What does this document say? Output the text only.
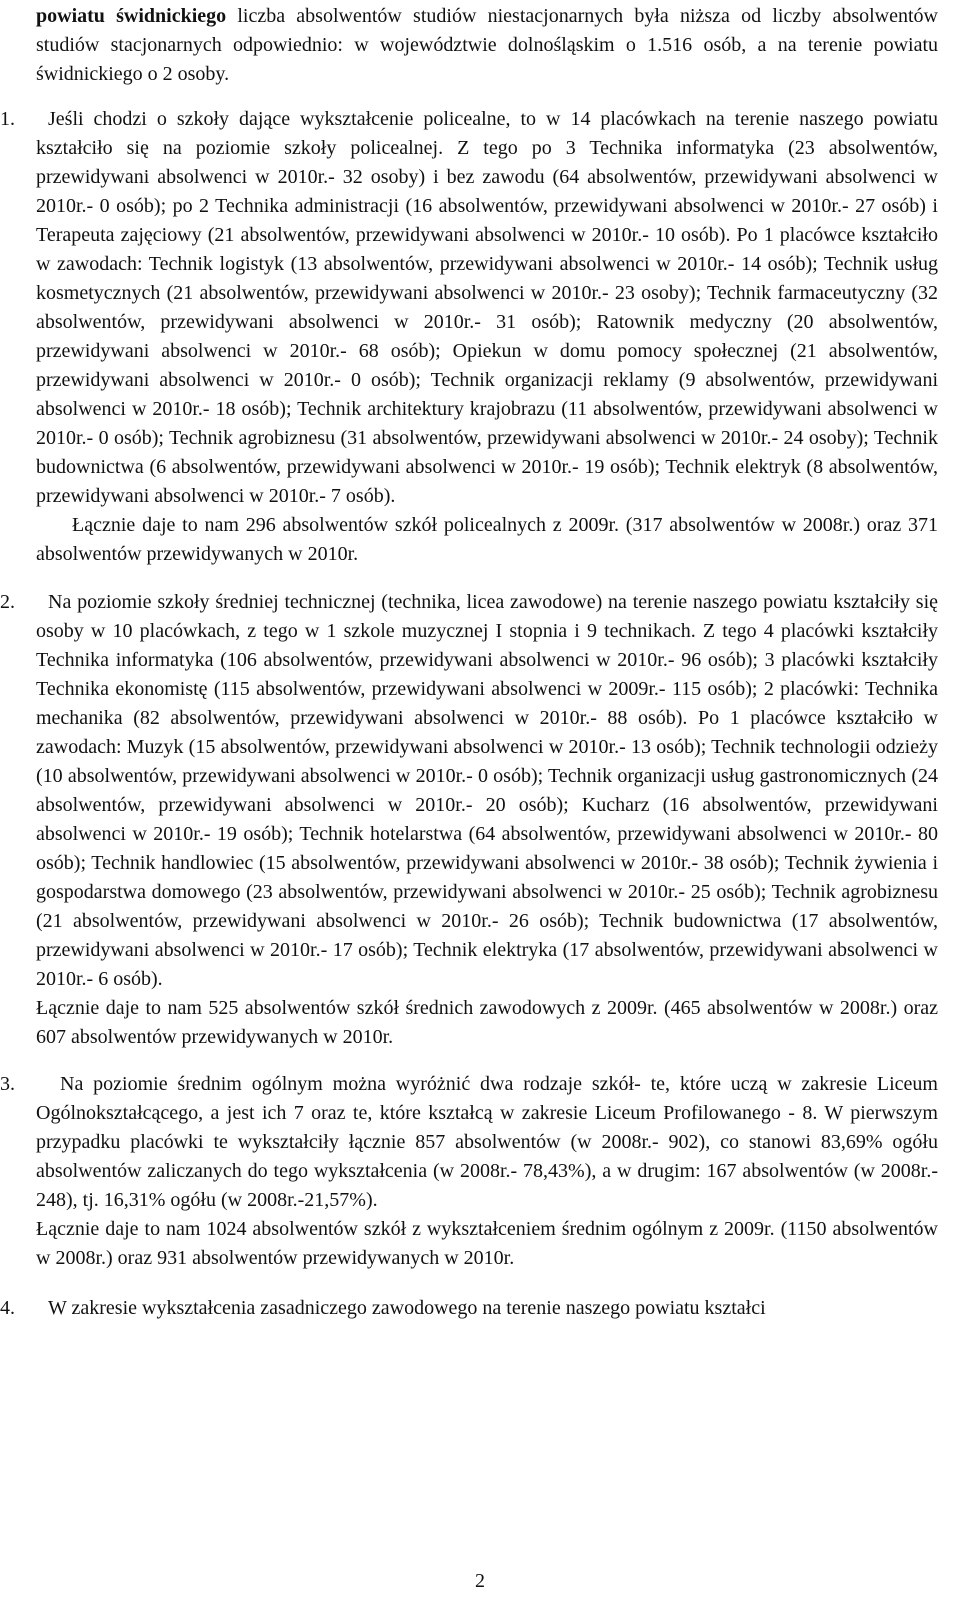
powiatu świdnickiego liczba absolwentów studiów niestacjonarnych była niższa od liczby absolwentów studiów stacjonarnych odpowiednio: w województwie dolnośląskim o 1.516 osób, a na terenie powiatu świdnickiego o 2 osoby.

1. Jeśli chodzi o szkoły dające wykształcenie policealne, to w 14 placówkach na terenie naszego powiatu kształciło się na poziomie szkoły policealnej. Z tego po 3 Technika informatyka (23 absolwentów, przewidywani absolwenci w 2010r.- 32 osoby) i bez zawodu (64 absolwentów, przewidywani absolwenci w 2010r.- 0 osób); po 2 Technika administracji (16 absolwentów, przewidywani absolwenci w 2010r.- 27 osób) i Terapeuta zajęciowy (21 absolwentów, przewidywani absolwenci w 2010r.- 10 osób). Po 1 placówce kształciło w zawodach: Technik logistyk (13 absolwentów, przewidywani absolwenci w 2010r.- 14 osób); Technik usług kosmetycznych (21 absolwentów, przewidywani absolwenci w 2010r.- 23 osoby); Technik farmaceutyczny (32 absolwentów, przewidywani absolwenci w 2010r.- 31 osób); Ratownik medyczny (20 absolwentów, przewidywani absolwenci w 2010r.- 68 osób); Opiekun w domu pomocy społecznej (21 absolwentów, przewidywani absolwenci w 2010r.- 0 osób); Technik organizacji reklamy (9 absolwentów, przewidywani absolwenci w 2010r.- 18 osób); Technik architektury krajobrazu (11 absolwentów, przewidywani absolwenci w 2010r.- 0 osób); Technik agrobiznesu (31 absolwentów, przewidywani absolwenci w 2010r.- 24 osoby); Technik budownictwa (6 absolwentów, przewidywani absolwenci w 2010r.- 19 osób); Technik elektryk (8 absolwentów, przewidywani absolwenci w 2010r.- 7 osób).

Łącznie daje to nam 296 absolwentów szkół policealnych z 2009r. (317 absolwentów w 2008r.) oraz 371 absolwentów przewidywanych w 2010r.

2. Na poziomie szkoły średniej technicznej (technika, licea zawodowe) na terenie naszego powiatu kształciły się osoby w 10 placówkach, z tego w 1 szkole muzycznej I stopnia i 9 technikach. Z tego 4 placówki kształciły Technika informatyka (106 absolwentów, przewidywani absolwenci w 2010r.- 96 osób); 3 placówki kształciły Technika ekonomistę (115 absolwentów, przewidywani absolwenci w 2009r.- 115 osób); 2 placówki: Technika mechanika (82 absolwentów, przewidywani absolwenci w 2010r.- 88 osób). Po 1 placówce kształciło w zawodach: Muzyk (15 absolwentów, przewidywani absolwenci w 2010r.- 13 osób); Technik technologii odzieży (10 absolwentów, przewidywani absolwenci w 2010r.- 0 osób); Technik organizacji usług gastronomicznych (24 absolwentów, przewidywani absolwenci w 2010r.- 20 osób); Kucharz (16 absolwentów, przewidywani absolwenci w 2010r.- 19 osób); Technik hotelarstwa (64 absolwentów, przewidywani absolwenci w 2010r.- 80 osób); Technik handlowiec (15 absolwentów, przewidywani absolwenci w 2010r.- 38 osób); Technik żywienia i gospodarstwa domowego (23 absolwentów, przewidywani absolwenci w 2010r.- 25 osób); Technik agrobiznesu (21 absolwentów, przewidywani absolwenci w 2010r.- 26 osób); Technik budownictwa (17 absolwentów, przewidywani absolwenci w 2010r.- 17 osób); Technik elektryka (17 absolwentów, przewidywani absolwenci w 2010r.- 6 osób).

Łącznie daje to nam 525 absolwentów szkół średnich zawodowych z 2009r. (465 absolwentów w 2008r.) oraz 607 absolwentów przewidywanych w 2010r.

3. Na poziomie średnim ogólnym można wyróżnić dwa rodzaje szkół- te, które uczą w zakresie Liceum Ogólnokształcącego, a jest ich 7 oraz te, które kształcą w zakresie Liceum Profilowanego - 8. W pierwszym przypadku placówki te wykształciły łącznie 857 absolwentów (w 2008r.- 902), co stanowi 83,69% ogółu absolwentów zaliczanych do tego wykształcenia (w 2008r.- 78,43%), a w drugim: 167 absolwentów (w 2008r.- 248), tj. 16,31% ogółu (w 2008r.-21,57%).

Łącznie daje to nam 1024 absolwentów szkół z wykształceniem średnim ogólnym z 2009r. (1150 absolwentów w 2008r.) oraz 931 absolwentów przewidywanych w 2010r.

4. W zakresie wykształcenia zasadniczego zawodowego na terenie naszego powiatu kształci

2
